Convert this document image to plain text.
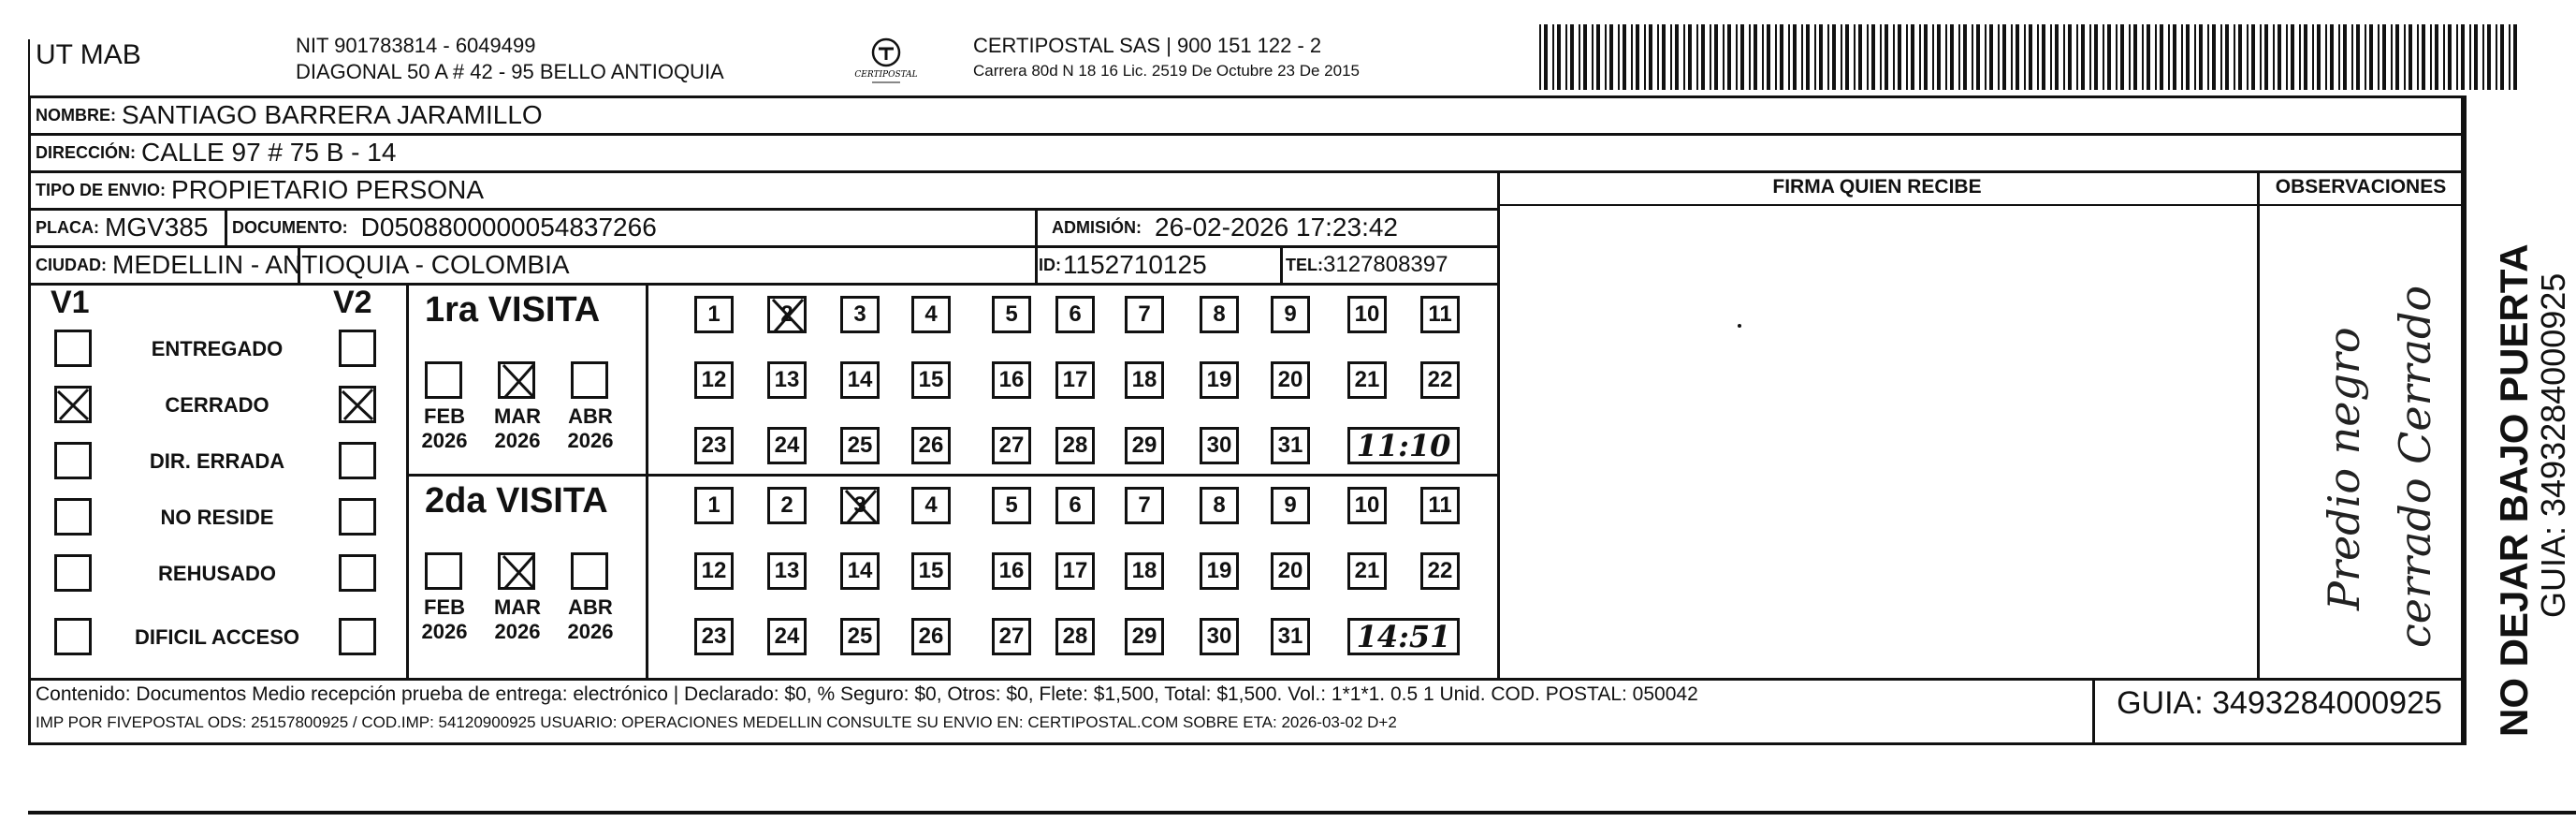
UT MAB	NIT 901783814 - 6049499
DIAGONAL 50 A # 42 - 95 BELLO ANTIOQUIA	CERTIPOSTAL
CERTIPOSTAL SAS | 900 151 122 - 2
Carrera 80d N 18 16 Lic. 2519 De Octubre 23 De 2015
NOMBRE: SANTIAGO BARRERA JARAMILLO
DIRECCIÓN: CALLE 97 # 75 B - 14
TIPO DE ENVIO: PROPIETARIO PERSONA
PLACA: MGV385 DOCUMENTO: D0508800000054837266	ADMISIÓN: 26-02-2026 17:23:42
CIUDAD: MEDELLIN - ANTIOQUIA - COLOMBIA	ID: 1152710125	TEL: 3127808397
FIRMA QUIEN RECIBE	OBSERVACIONES
V1	V2
ENTREGADO
CERRADO
DIR. ERRADA
NO RESIDE
REHUSADO
DIFICIL ACCESO
1ra VISITA
FEB
2026
MAR
2026
ABR
2026
1	2	3	4	5 6	7	8	9	10 11
12 13 14 15 16 17 18 19 20 21 22
23 24 25 26 27 28 29 30 31 11:10
2da VISITA
FEB
2026
MAR
2026
ABR
2026
1	2	3	4	5 6	7	8	9	10 11
12 13 14 15 16 17 18 19 20 21 22
23 24 25 26 27 28 29 30 31 14:51
Predio negro cerrado Cerrado
Contenido: Documentos Medio recepción prueba de entrega: electrónico | Declarado: $0, % Seguro: $0, Otros: $0, Flete: $1,500, Total: $1,500. Vol.: 1*1*1. 0.5 1 Unid. COD. POSTAL: 050042
IMP POR FIVEPOSTAL ODS: 25157800925 / COD.IMP: 54120900925 USUARIO: OPERACIONES MEDELLIN CONSULTE SU ENVIO EN: CERTIPOSTAL.COM SOBRE ETA: 2026-03-02 D+2
GUIA: 3493284000925	NO DEJAR BAJO PUERTA
GUIA: 3493284000925
